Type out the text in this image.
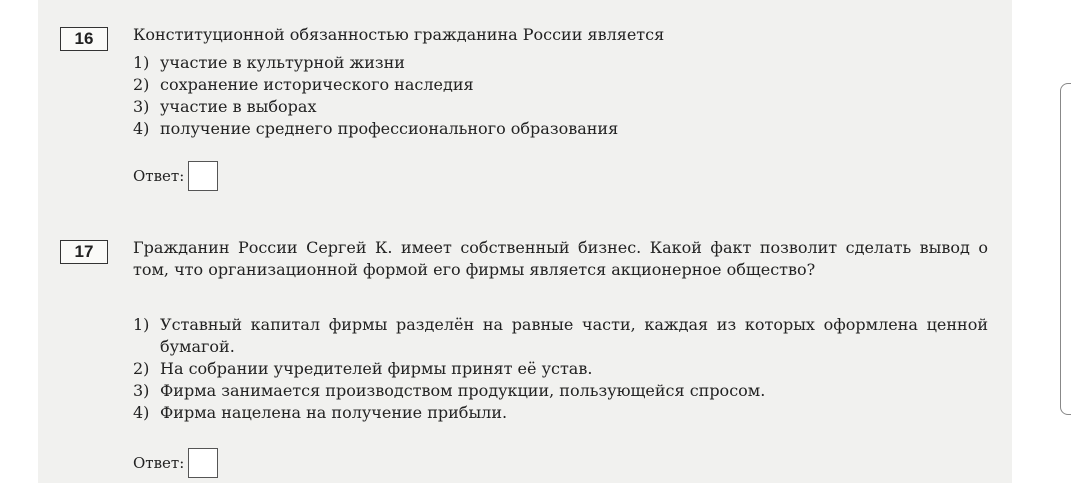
16	Конституционной обязанностью гражданина России является
1) участие в культурной жизни
2) сохранение исторического наследия
3) участие в выборах
4) получение среднего профессионального образования
Ответ:
17	Гражданин России Сергей К. имеет собственный бизнес. Какой факт позволит сделать вывод о том, что организационной формой его фирмы является акционерное общество?
1) Уставный капитал фирмы разделён на равные части, каждая из которых оформлена ценной бумагой.
2) На собрании учредителей фирмы принят её устав.
3) Фирма занимается производством продукции, пользующейся спросом.
4) Фирма нацелена на получение прибыли.
Ответ:
